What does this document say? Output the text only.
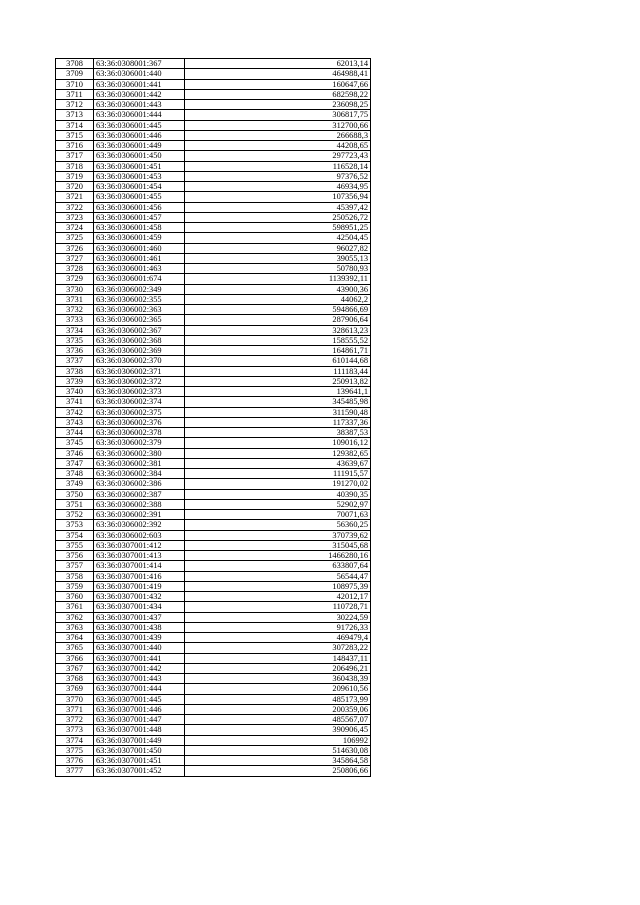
3708	63:36:0308001:367	62013,14
3709	63:36:0306001:440	464988,41
3710	63:36:0306001:441	160647,66
3711	63:36:0306001:442	682598,22
3712	63:36:0306001:443	236098,25
3713	63:36:0306001:444	306817,75
3714	63:36:0306001:445	312700,66
3715	63:36:0306001:446	266688,3
3716	63:36:0306001:449	44208,65
3717	63:36:0306001:450	297723,43
3718	63:36:0306001:451	116528,14
3719	63:36:0306001:453	97376,52
3720	63:36:0306001:454	46934,95
3721	63:36:0306001:455	107356,94
3722	63:36:0306001:456	45397,42
3723	63:36:0306001:457	250526,72
3724	63:36:0306001:458	598951,25
3725	63:36:0306001:459	42504,45
3726	63:36:0306001:460	96027,82
3727	63:36:0306001:461	39055,13
3728	63:36:0306001:463	50780,93
3729	63:36:0306001:674	1139392,11
3730	63:36:0306002:349	43900,36
3731	63:36:0306002:355	44062,2
3732	63:36:0306002:363	594866,69
3733	63:36:0306002:365	287906,64
3734	63:36:0306002:367	328613,23
3735	63:36:0306002:368	158555,52
3736	63:36:0306002:369	164861,71
3737	63:36:0306002:370	610144,68
3738	63:36:0306002:371	111183,44
3739	63:36:0306002:372	250913,82
3740	63:36:0306002:373	139641,1
3741	63:36:0306002:374	345485,98
3742	63:36:0306002:375	311590,48
3743	63:36:0306002:376	117337,36
3744	63:36:0306002:378	38387,53
3745	63:36:0306002:379	109016,12
3746	63:36:0306002:380	129382,65
3747	63:36:0306002:381	43639,67
3748	63:36:0306002:384	111915,57
3749	63:36:0306002:386	191270,02
3750	63:36:0306002:387	40390,35
3751	63:36:0306002:388	52902,97
3752	63:36:0306002:391	70071,63
3753	63:36:0306002:392	56360,25
3754	63:36:0306002:603	370739,62
3755	63:36:0307001:412	315045,68
3756	63:36:0307001:413	1466280,16
3757	63:36:0307001:414	633807,64
3758	63:36:0307001:416	56544,47
3759	63:36:0307001:419	108975,39
3760	63:36:0307001:432	42012,17
3761	63:36:0307001:434	110728,71
3762	63:36:0307001:437	30224,59
3763	63:36:0307001:438	91726,33
3764	63:36:0307001:439	469479,4
3765	63:36:0307001:440	307283,22
3766	63:36:0307001:441	148437,11
3767	63:36:0307001:442	206496,21
3768	63:36:0307001:443	360438,39
3769	63:36:0307001:444	209610,56
3770	63:36:0307001:445	485173,99
3771	63:36:0307001:446	200359,06
3772	63:36:0307001:447	485567,07
3773	63:36:0307001:448	390906,45
3774	63:36:0307001:449	106992
3775	63:36:0307001:450	514630,08
3776	63:36:0307001:451	345864,58
3777	63:36:0307001:452	250806,66
